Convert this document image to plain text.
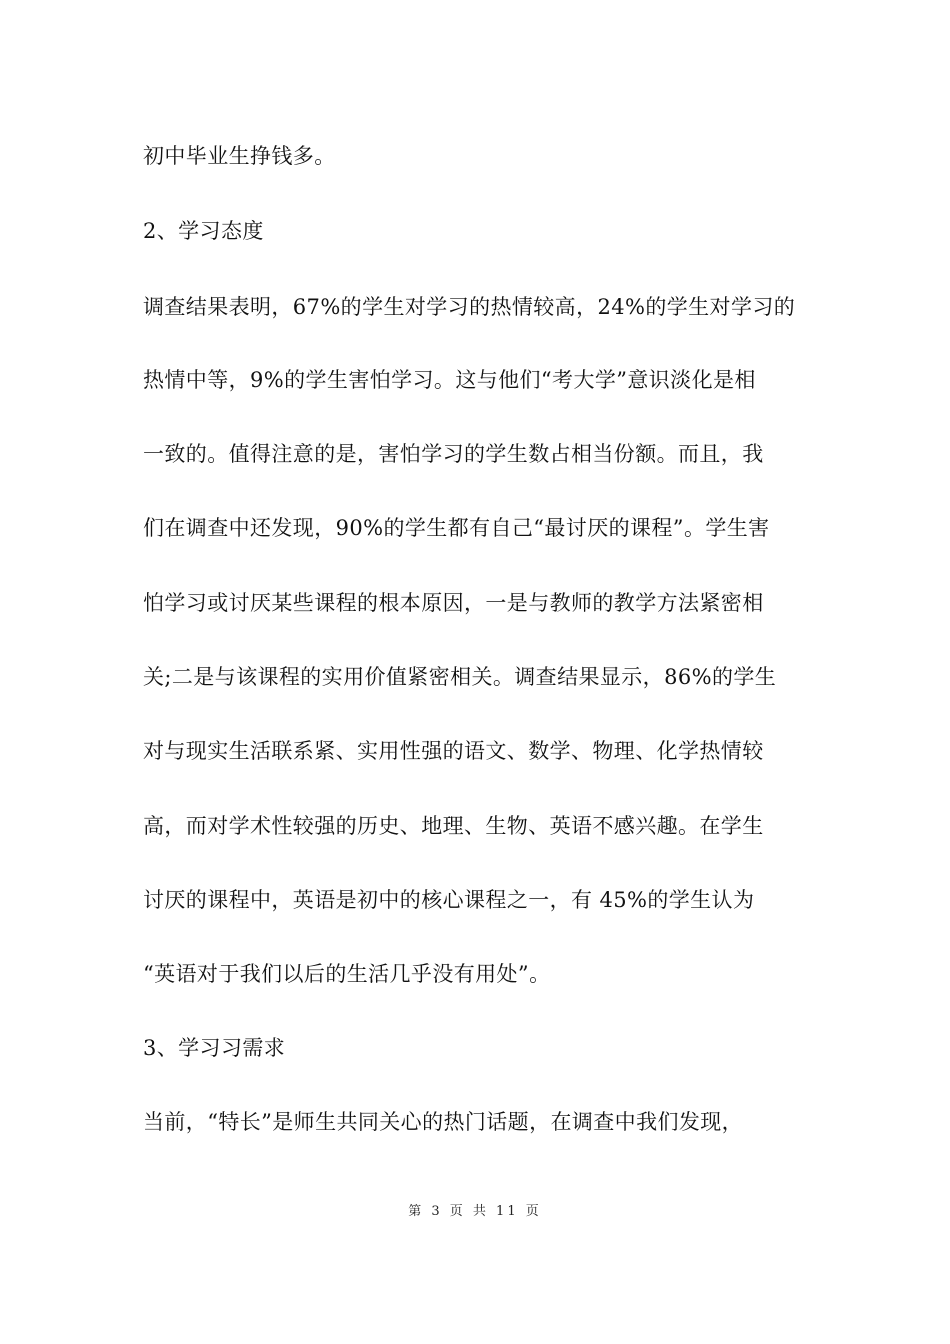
初中毕业生挣钱多。
2、学习态度
调查结果表明，67%的学生对学习的热情较高，24%的学生对学习的
热情中等，9%的学生害怕学习。这与他们“考大学”意识淡化是相
一致的。值得注意的是，害怕学习的学生数占相当份额。而且，我
们在调查中还发现，90%的学生都有自己“最讨厌的课程”。学生害
怕学习或讨厌某些课程的根本原因，一是与教师的教学方法紧密相
关;二是与该课程的实用价值紧密相关。调查结果显示，86%的学生
对与现实生活联系紧、实用性强的语文、数学、物理、化学热情较
高，而对学术性较强的历史、地理、生物、英语不感兴趣。在学生
讨厌的课程中，英语是初中的核心课程之一，有 45%的学生认为
“英语对于我们以后的生活几乎没有用处”。
3、学习习需求
当前，“特长”是师生共同关心的热门话题，在调查中我们发现，
第 3 页 共 11 页
